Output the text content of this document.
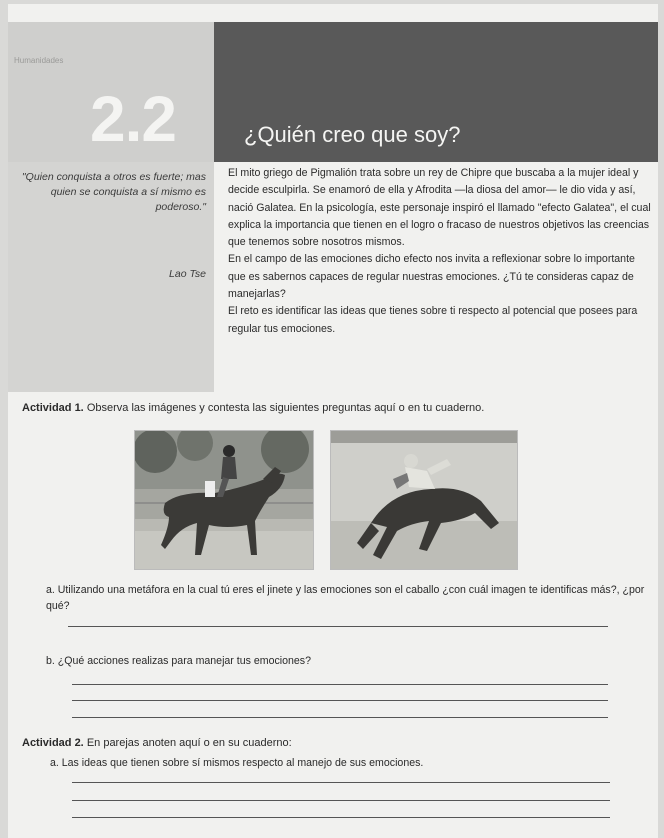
Humanidades
2.2	¿Quién creo que soy?
"Quien conquista a otros es fuerte; mas quien se conquista a sí mismo es poderoso."
Lao Tse

El mito griego de Pigmalión trata sobre un rey de Chipre que buscaba a la mujer ideal y decide esculpirla. Se enamoró de ella y Afrodita —la diosa del amor— le dio vida y así, nació Galatea. En la psicología, este personaje inspiró el llamado "efecto Galatea", el cual explica la importancia que tienen en el logro o fracaso de nuestros objetivos las creencias que tenemos sobre nosotros mismos.

En el campo de las emociones dicho efecto nos invita a reflexionar sobre lo importante que es sabernos capaces de regular nuestras emociones. ¿Tú te consideras capaz de manejarlas?

El reto es identificar las ideas que tienes sobre ti respecto al potencial que posees para regular tus emociones.

Actividad 1. Observa las imágenes y contesta las siguientes preguntas aquí o en tu cuaderno.
a. Utilizando una metáfora en la cual tú eres el jinete y las emociones son el caballo ¿con cuál imagen te identificas más?, ¿por qué?
b. ¿Qué acciones realizas para manejar tus emociones?
Actividad 2. En parejas anoten aquí o en su cuaderno:
a. Las ideas que tienen sobre sí mismos respecto al manejo de sus emociones.
